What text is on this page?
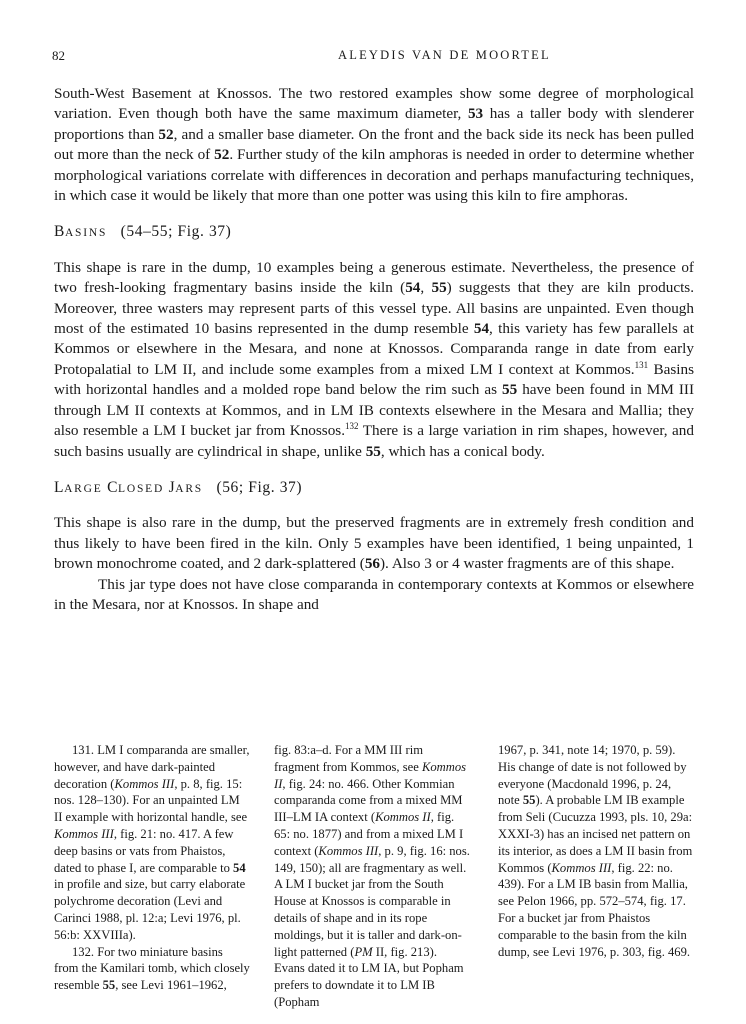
82	ALEYDIS VAN DE MOORTEL

South-West Basement at Knossos. The two restored examples show some degree of morphological variation. Even though both have the same maximum diameter, 53 has a taller body with slenderer proportions than 52, and a smaller base diameter. On the front and the back side its neck has been pulled out more than the neck of 52. Further study of the kiln amphoras is needed in order to determine whether morphological variations correlate with differences in decoration and perhaps manufacturing techniques, in which case it would be likely that more than one potter was using this kiln to fire amphoras.

BASINS (54–55; Fig. 37)

This shape is rare in the dump, 10 examples being a generous estimate. Nevertheless, the presence of two fresh-looking fragmentary basins inside the kiln (54, 55) suggests that they are kiln products. Moreover, three wasters may represent parts of this vessel type. All basins are unpainted. Even though most of the estimated 10 basins represented in the dump resemble 54, this variety has few parallels at Kommos or elsewhere in the Mesara, and none at Knossos. Comparanda range in date from early Protopalatial to LM II, and include some examples from a mixed LM I context at Kommos.$^{131}$ Basins with horizontal handles and a molded rope band below the rim such as 55 have been found in MM III through LM II contexts at Kommos, and in LM IB contexts elsewhere in the Mesara and Mallia; they also resemble a LM I bucket jar from Knossos.$^{132}$ There is a large variation in rim shapes, however, and such basins usually are cylindrical in shape, unlike 55, which has a conical body.

LARGE CLOSED JARS (56; Fig. 37)

This shape is also rare in the dump, but the preserved fragments are in extremely fresh condition and thus likely to have been fired in the kiln. Only 5 examples have been identified, 1 being unpainted, 1 brown monochrome coated, and 2 dark-splattered (56). Also 3 or 4 waster fragments are of this shape.

This jar type does not have close comparanda in contemporary contexts at Kommos or elsewhere in the Mesara, nor at Knossos. In shape and

131. LM I comparanda are smaller, however, and have dark-painted decoration (Kommos III, p. 8, fig. 15: nos. 128–130). For an unpainted LM II example with horizontal handle, see Kommos III, fig. 21: no. 417. A few deep basins or vats from Phaistos, dated to phase I, are comparable to 54 in profile and size, but carry elaborate polychrome decoration (Levi and Carinci 1988, pl. 12:a; Levi 1976, pl. 56:b: XXVIIIa).

132. For two miniature basins from the Kamilari tomb, which closely resemble 55, see Levi 1961–1962,

fig. 83:a–d. For a MM III rim fragment from Kommos, see Kommos II, fig. 24: no. 466. Other Kommian comparanda come from a mixed MM III–LM IA context (Kommos II, fig. 65: no. 1877) and from a mixed LM I context (Kommos III, p. 9, fig. 16: nos. 149, 150); all are fragmentary as well. A LM I bucket jar from the South House at Knossos is comparable in details of shape and in its rope moldings, but it is taller and dark-on-light patterned (PM II, fig. 213). Evans dated it to LM IA, but Popham prefers to downdate it to LM IB (Popham

1967, p. 341, note 14; 1970, p. 59). His change of date is not followed by everyone (Macdonald 1996, p. 24, note 55). A probable LM IB example from Seli (Cucuzza 1993, pls. 10, 29a: XXXI-3) has an incised net pattern on its interior, as does a LM II basin from Kommos (Kommos III, fig. 22: no. 439). For a LM IB basin from Mallia, see Pelon 1966, pp. 572–574, fig. 17. For a bucket jar from Phaistos comparable to the basin from the kiln dump, see Levi 1976, p. 303, fig. 469.
